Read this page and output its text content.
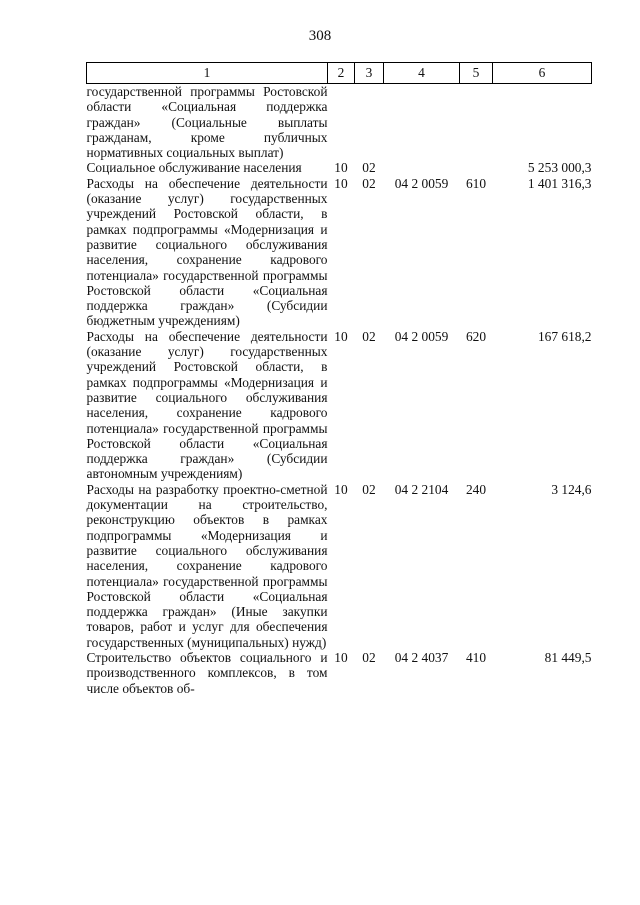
308
1	2	3	4	5	6
государственной программы Ростовской области «Социальная поддержка граждан» (Социальные выплаты гражданам, кроме публичных нормативных социальных выплат)					
Социальное обслуживание населения	10	02			5 253 000,3
Расходы на обеспечение деятельности (оказание услуг) государственных учреждений Ростовской области, в рамках подпрограммы «Модернизация и развитие социального обслуживания населения, сохранение кадрового потенциала» государственной программы Ростовской области «Социальная поддержка граждан» (Субсидии бюджетным учреждениям)	10	02	04 2 0059	610	1 401 316,3
Расходы на обеспечение деятельности (оказание услуг) государственных учреждений Ростовской области, в рамках подпрограммы «Модернизация и развитие социального обслуживания населения, сохранение кадрового потенциала» государственной программы Ростовской области «Социальная поддержка граждан» (Субсидии автономным учреждениям)	10	02	04 2 0059	620	167 618,2
Расходы на разработку проектно-сметной документации на строительство, реконструкцию объектов в рамках подпрограммы «Модернизация и развитие социального обслуживания населения, сохранение кадрового потенциала» государственной программы Ростовской области «Социальная поддержка граждан» (Иные закупки товаров, работ и услуг для обеспечения государственных (муниципальных) нужд)	10	02	04 2 2104	240	3 124,6
Строительство объектов социального и производственного комплексов, в том числе объектов об-	10	02	04 2 4037	410	81 449,5
